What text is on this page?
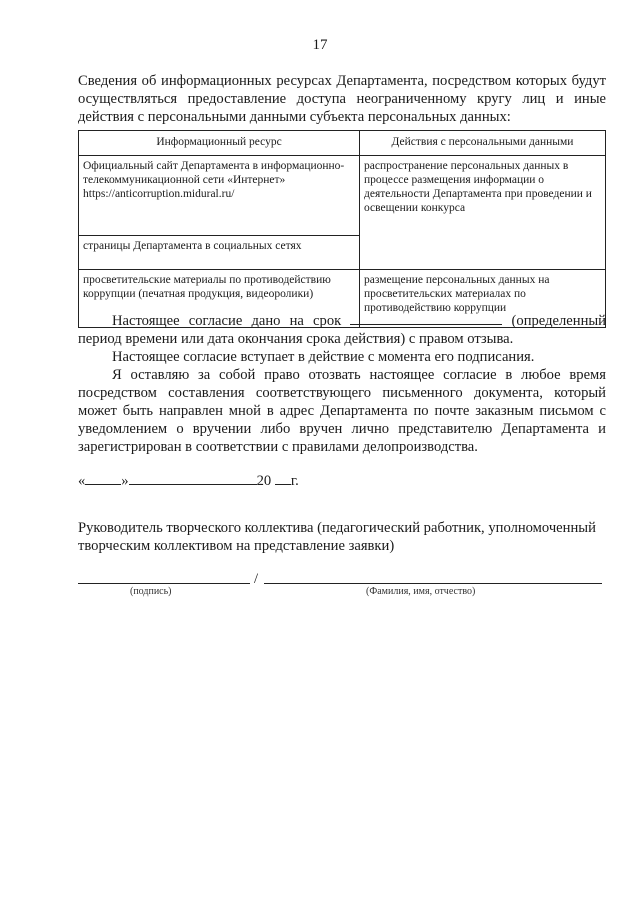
17
Сведения об информационных ресурсах Департамента, посредством которых будут осуществляться предоставление доступа неограниченному кругу лиц и иные действия с персональными данными субъекта персональных данных:
Информационный ресурс	Действия с персональными данными
Официальный сайт Департамента в информационно-телекоммуникационной сети «Интернет» https://anticorruption.midural.ru/	распространение персональных данных в процессе размещения информации о деятельности Департамента при проведении и освещении конкурса
страницы Департамента в социальных сетях	
просветительские материалы по противодействию коррупции (печатная продукция, видеоролики)	размещение персональных данных на просветительских материалах по противодействию коррупции
Настоящее согласие дано на срок	(определенный период времени или дата окончания срока действия) с правом отзыва.
Настоящее согласие вступает в действие с момента его подписания.
Я оставляю за собой право отозвать настоящее согласие в любое время посредством составления соответствующего письменного документа, который может быть направлен мной в адрес Департамента по почте заказным письмом с уведомлением о вручении либо вручен лично представителю Департамента и зарегистрирован в соответствии с правилами делопроизводства.
« »	20 г.
Руководитель творческого коллектива (педагогический работник, уполномоченный творческим коллективом на представление заявки)
/
(подпись)	(Фамилия, имя, отчество)
